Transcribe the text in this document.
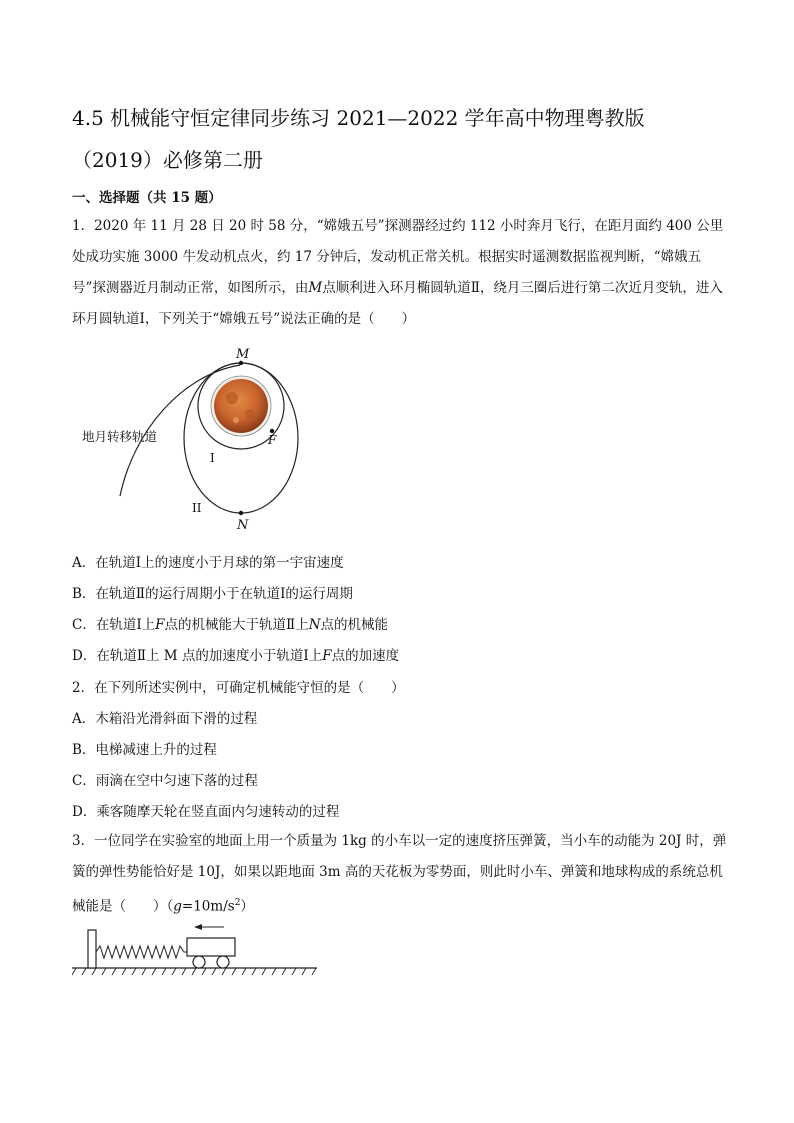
4.5 机械能守恒定律同步练习 2021—2022 学年高中物理粤教版
（2019）必修第二册
一、选择题（共 15 题）
1．2020 年 11 月 28 日 20 时 58 分，“嫦娥五号”探测器经过约 112 小时奔月飞行，在距月面约 400 公里处成功实施 3000 牛发动机点火，约 17 分钟后，发动机正常关机。根据实时遥测数据监视判断，“嫦娥五号”探测器近月制动正常，如图所示，由M点顺利进入环月椭圆轨道Ⅱ，绕月三圈后进行第二次近月变轨，进入环月圆轨道Ⅰ，下列关于“嫦娥五号”说法正确的是（　　）
M
F
N
I
II
地月转移轨道
A．在轨道Ⅰ上的速度小于月球的第一宇宙速度
B．在轨道Ⅱ的运行周期小于在轨道Ⅰ的运行周期
C．在轨道Ⅰ上F点的机械能大于轨道Ⅱ上N点的机械能
D．在轨道Ⅱ上 M 点的加速度小于轨道Ⅰ上F点的加速度
2．在下列所述实例中，可确定机械能守恒的是（　　）
A．木箱沿光滑斜面下滑的过程
B．电梯减速上升的过程
C．雨滴在空中匀速下落的过程
D．乘客随摩天轮在竖直面内匀速转动的过程
3．一位同学在实验室的地面上用一个质量为 1kg 的小车以一定的速度挤压弹簧，当小车的动能为 20J 时，弹簧的弹性势能恰好是 10J，如果以距地面 3m 高的天花板为零势面，则此时小车、弹簧和地球构成的系统总机械能是（　　）$(g=10m/s^2)$
